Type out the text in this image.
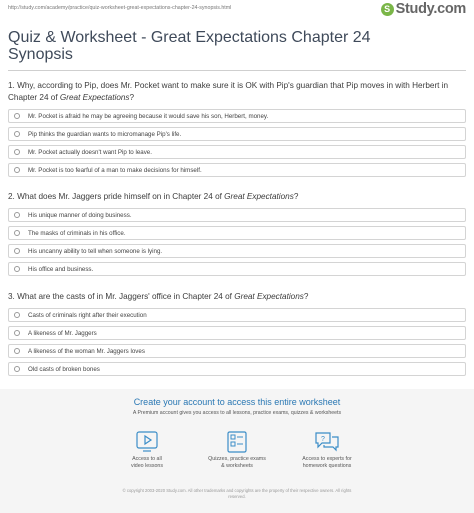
http://study.com/academy/practice/quiz-worksheet-great-expectations-chapter-24-synopsis.html	S Study.com
Quiz & Worksheet - Great Expectations Chapter 24 Synopsis
1. Why, according to Pip, does Mr. Pocket want to make sure it is OK with Pip's guardian that Pip moves in with Herbert in Chapter 24 of Great Expectations?
Mr. Pocket is afraid he may be agreeing because it would save his son, Herbert, money.
Pip thinks the guardian wants to micromanage Pip's life.
Mr. Pocket actually doesn't want Pip to leave.
Mr. Pocket is too fearful of a man to make decisions for himself.
2. What does Mr. Jaggers pride himself on in Chapter 24 of Great Expectations?
His unique manner of doing business.
The masks of criminals in his office.
His uncanny ability to tell when someone is lying.
His office and business.
3. What are the casts of in Mr. Jaggers' office in Chapter 24 of Great Expectations?
Casts of criminals right after their execution
A likeness of Mr. Jaggers
A likeness of the woman Mr. Jaggers loves
Old casts of broken bones
Create your account to access this entire worksheet
A Premium account gives you access to all lessons, practice exams, quizzes & worksheets
Access to all
video lessons
Quizzes, practice exams
& worksheets
?
Access to experts for
homework questions
© copyright 2003-2020 Study.com. All other trademarks and copyrights are the property of their respective owners. All rights
reserved.
